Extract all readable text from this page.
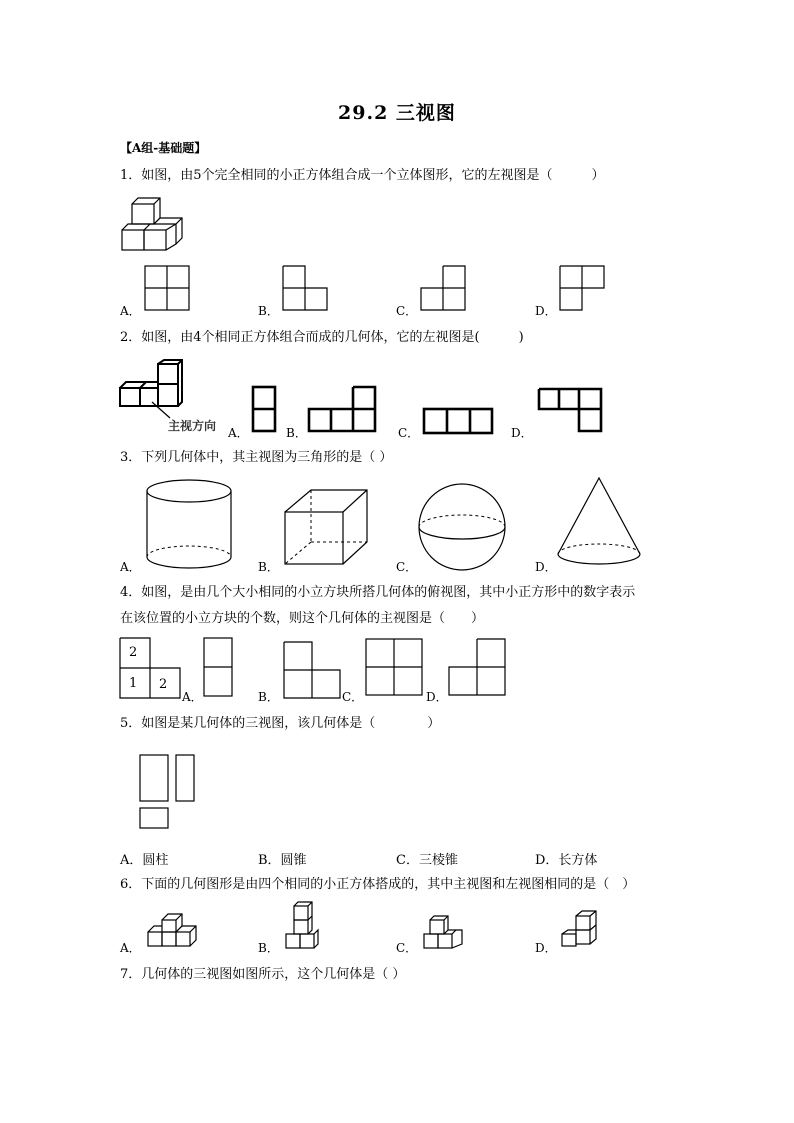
29.2 三视图
【A组-基础题】
1．如图，由5个完全相同的小正方体组合成一个立体图形，它的左视图是（　　　）
A．	B．	C．	D．
2．如图，由4个相同正方体组合而成的几何体，它的左视图是(　　　)
主视方向 A．	B．	C．	D．
3．下列几何体中，其主视图为三角形的是（ ）
A．	B．	C．	D．
4．如图，是由几个大小相同的小立方块所搭几何体的俯视图，其中小正方形中的数字表示
在该位置的小立方块的个数，则这个几何体的主视图是（　　）
2
1 2
A．	B．	C．	D．
5．如图是某几何体的三视图，该几何体是（　　　　）
A．圆柱	B．圆锥	C．三棱锥	D．长方体
6．下面的几何图形是由四个相同的小正方体搭成的，其中主视图和左视图相同的是（　）
A．	B．	C．	D．
7．几何体的三视图如图所示，这个几何体是（ ）
